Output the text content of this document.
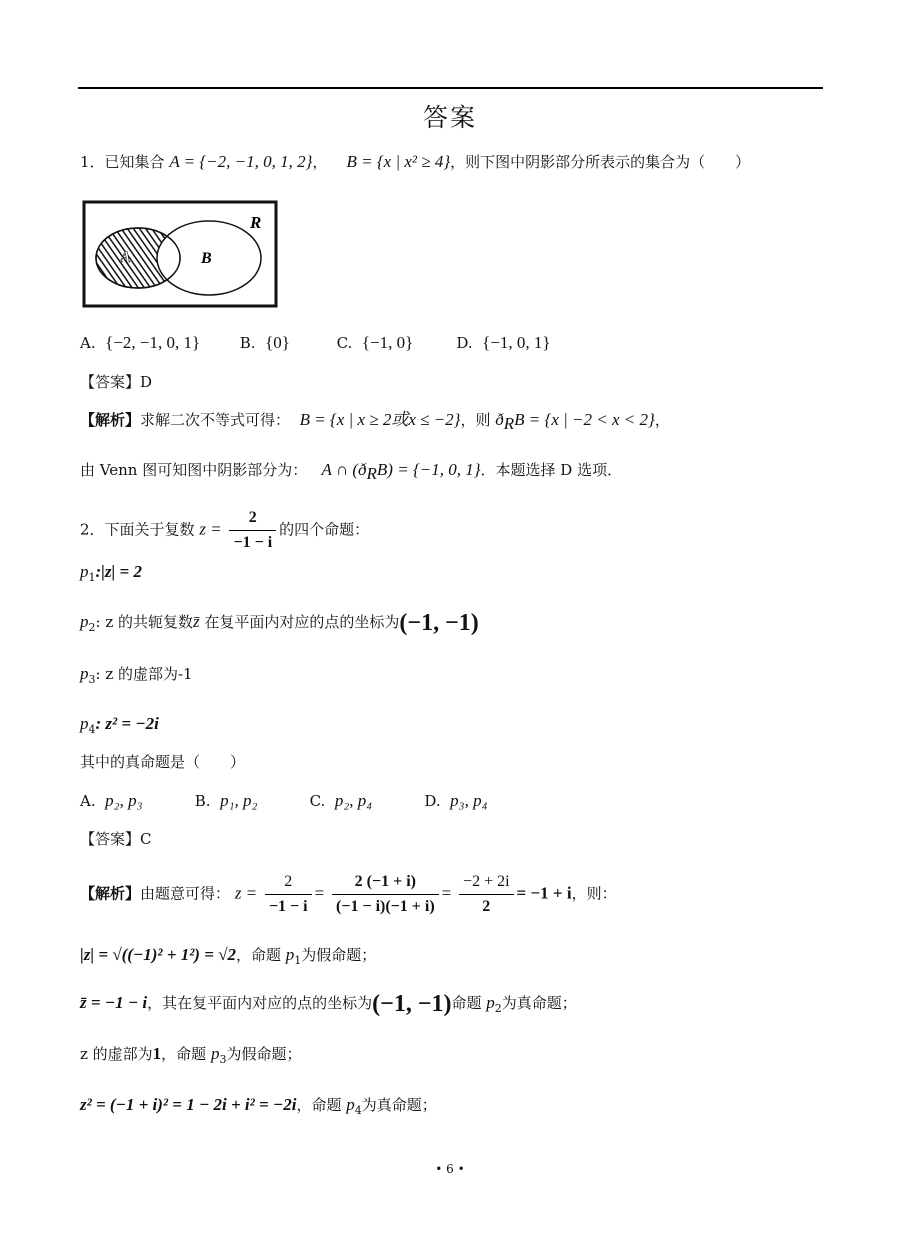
答案
1．已知集合 A = {−2, −1, 0, 1, 2}， B = {x | x² ≥ 4}，则下图中阴影部分所表示的集合为（　　）
R
A	B
A. {−2, −1, 0, 1}	B. {0}	C. {−1, 0}	D. {−1, 0, 1}
【答案】D
【解析】求解二次不等式可得： B = {x | x ≥ 2或x ≤ −2}，则 $ð_RB = \{x$ | −2 < x < 2}，
由 Venn 图可知图中阴影部分为： A ∩ $(ð_RB) = \{-1$, 0, 1}．本题选择 D 选项．
2．下面关于复数 $z = \frac{2}{-1 - i}$ 的四个命题：
$p_1:|z| = 2$
$p_2$: z 的共轭复数z̄ 在复平面内对应的点的坐标为(−1, −1)
$p_3$: z 的虚部为-1
$p_4$: z² = −2i
其中的真命题是（　　）
A. p₂, p₃	B. p₁, p₂	C. p₂, p₄	D. p₃, p₄
【答案】C
【解析】由题意可得： $z = \frac{2}{-1 - i} = \frac{2 (-1 + i)}{(-1 - i)(-1 + i)} = \frac{-2 + 2i}{2} = -1 + i$，则：
|z| = √((−1)² + 1²) = √2，命题 $p_1$为假命题；
z̄ = −1 − i，其在复平面内对应的点的坐标为(−1, −1)命题 $p_2$为真命题；
z 的虚部为1，命题 $p_3$为假命题；
z² = (−1 + i)² = 1 − 2i + i² = −2i，命题 $p_4$为真命题；
• 6 •
